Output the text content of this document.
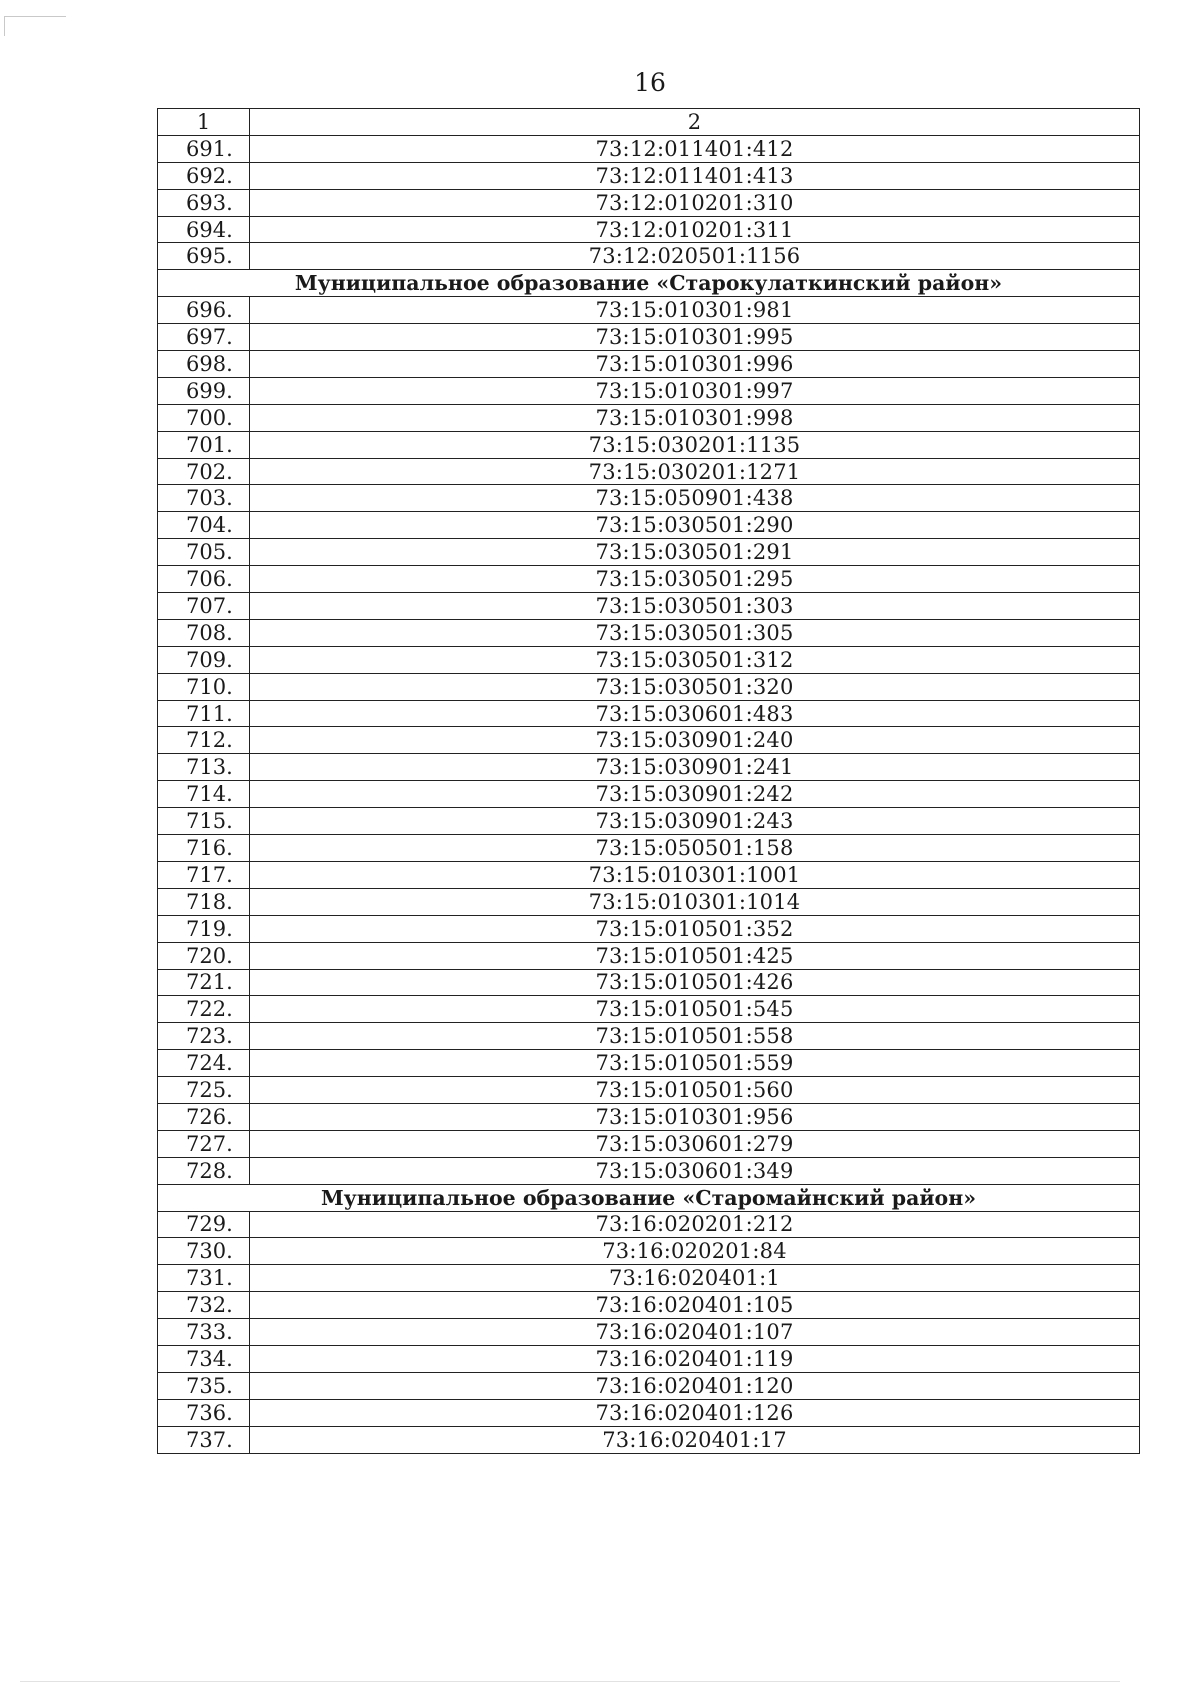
16
1	2
691.	73:12:011401:412
692.	73:12:011401:413
693.	73:12:010201:310
694.	73:12:010201:311
695.	73:12:020501:1156
Муниципальное образование «Старокулаткинский район»	
696.	73:15:010301:981
697.	73:15:010301:995
698.	73:15:010301:996
699.	73:15:010301:997
700.	73:15:010301:998
701.	73:15:030201:1135
702.	73:15:030201:1271
703.	73:15:050901:438
704.	73:15:030501:290
705.	73:15:030501:291
706.	73:15:030501:295
707.	73:15:030501:303
708.	73:15:030501:305
709.	73:15:030501:312
710.	73:15:030501:320
711.	73:15:030601:483
712.	73:15:030901:240
713.	73:15:030901:241
714.	73:15:030901:242
715.	73:15:030901:243
716.	73:15:050501:158
717.	73:15:010301:1001
718.	73:15:010301:1014
719.	73:15:010501:352
720.	73:15:010501:425
721.	73:15:010501:426
722.	73:15:010501:545
723.	73:15:010501:558
724.	73:15:010501:559
725.	73:15:010501:560
726.	73:15:010301:956
727.	73:15:030601:279
728.	73:15:030601:349
Муниципальное образование «Старомайнский район»	
729.	73:16:020201:212
730.	73:16:020201:84
731.	73:16:020401:1
732.	73:16:020401:105
733.	73:16:020401:107
734.	73:16:020401:119
735.	73:16:020401:120
736.	73:16:020401:126
737.	73:16:020401:17
